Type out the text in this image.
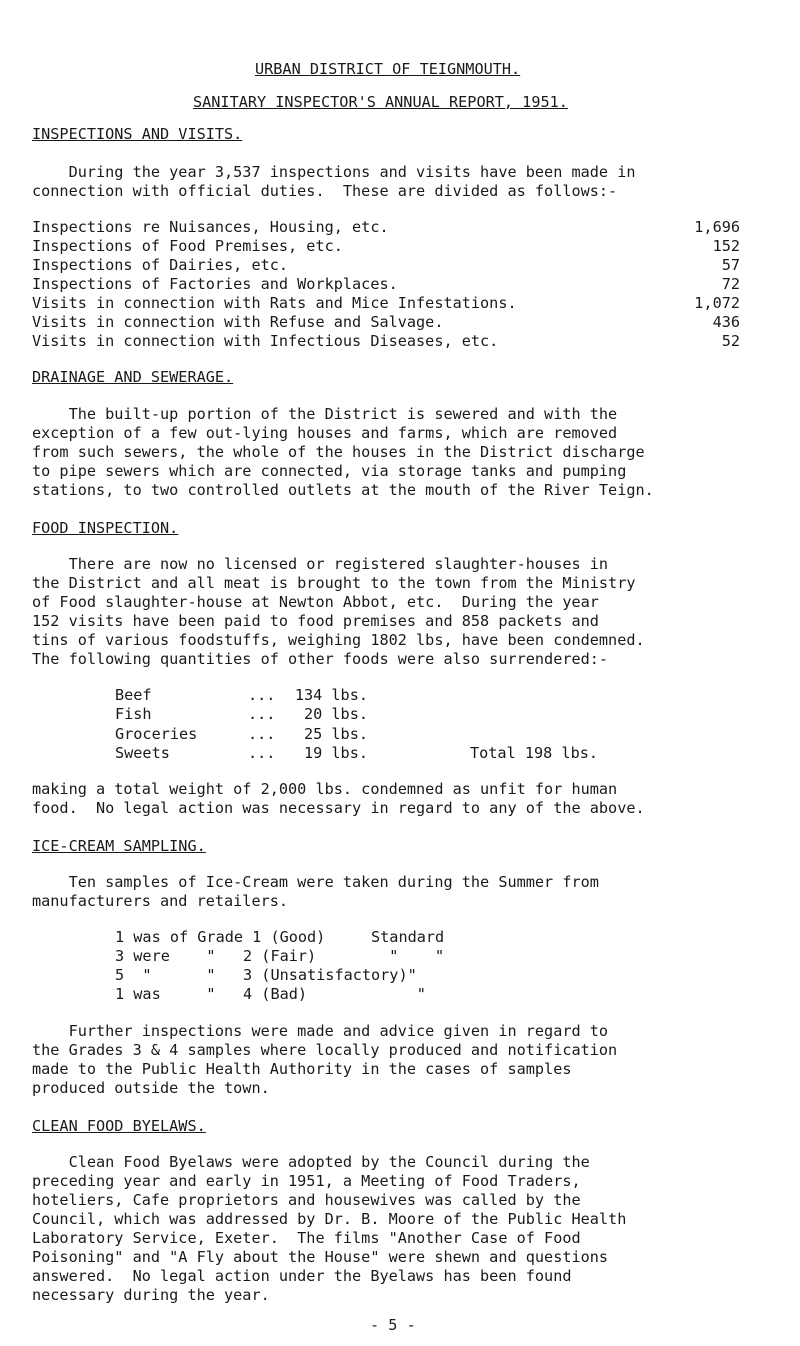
URBAN DISTRICT OF TEIGNMOUTH.
SANITARY INSPECTOR'S ANNUAL REPORT, 1951.
INSPECTIONS AND VISITS.
During the year 3,537 inspections and visits have been made in
connection with official duties.  These are divided as follows:-
Inspections re Nuisances, Housing, etc.	1,696
Inspections of Food Premises, etc.	152
Inspections of Dairies, etc.	57
Inspections of Factories and Workplaces.	72
Visits in connection with Rats and Mice Infestations.	1,072
Visits in connection with Refuse and Salvage.	436
Visits in connection with Infectious Diseases, etc.	52
DRAINAGE AND SEWERAGE.
The built-up portion of the District is sewered and with the
exception of a few out-lying houses and farms, which are removed
from such sewers, the whole of the houses in the District discharge
to pipe sewers which are connected, via storage tanks and pumping
stations, to two controlled outlets at the mouth of the River Teign.
FOOD INSPECTION.
There are now no licensed or registered slaughter-houses in
the District and all meat is brought to the town from the Ministry
of Food slaughter-house at Newton Abbot, etc.  During the year
152 visits have been paid to food premises and 858 packets and
tins of various foodstuffs, weighing 1802 lbs, have been condemned.
The following quantities of other foods were also surrendered:-
Beef	... 134 lbs.
Fish	... 20 lbs.
Groceries	... 25 lbs.
Sweets	... 19 lbs.	Total 198 lbs.
making a total weight of 2,000 lbs. condemned as unfit for human
food.  No legal action was necessary in regard to any of the above.
ICE-CREAM SAMPLING.
Ten samples of Ice-Cream were taken during the Summer from
manufacturers and retailers.
1 was of Grade 1 (Good)     Standard
3 were    "   2 (Fair)        "    "
5  "      "   3 (Unsatisfactory)"
1 was     "   4 (Bad)            "
Further inspections were made and advice given in regard to
the Grades 3 & 4 samples where locally produced and notification
made to the Public Health Authority in the cases of samples
produced outside the town.
CLEAN FOOD BYELAWS.
Clean Food Byelaws were adopted by the Council during the
preceding year and early in 1951, a Meeting of Food Traders,
hoteliers, Cafe proprietors and housewives was called by the
Council, which was addressed by Dr. B. Moore of the Public Health
Laboratory Service, Exeter.  The films "Another Case of Food
Poisoning" and "A Fly about the House" were shewn and questions
answered.  No legal action under the Byelaws has been found
necessary during the year.
- 5 -
